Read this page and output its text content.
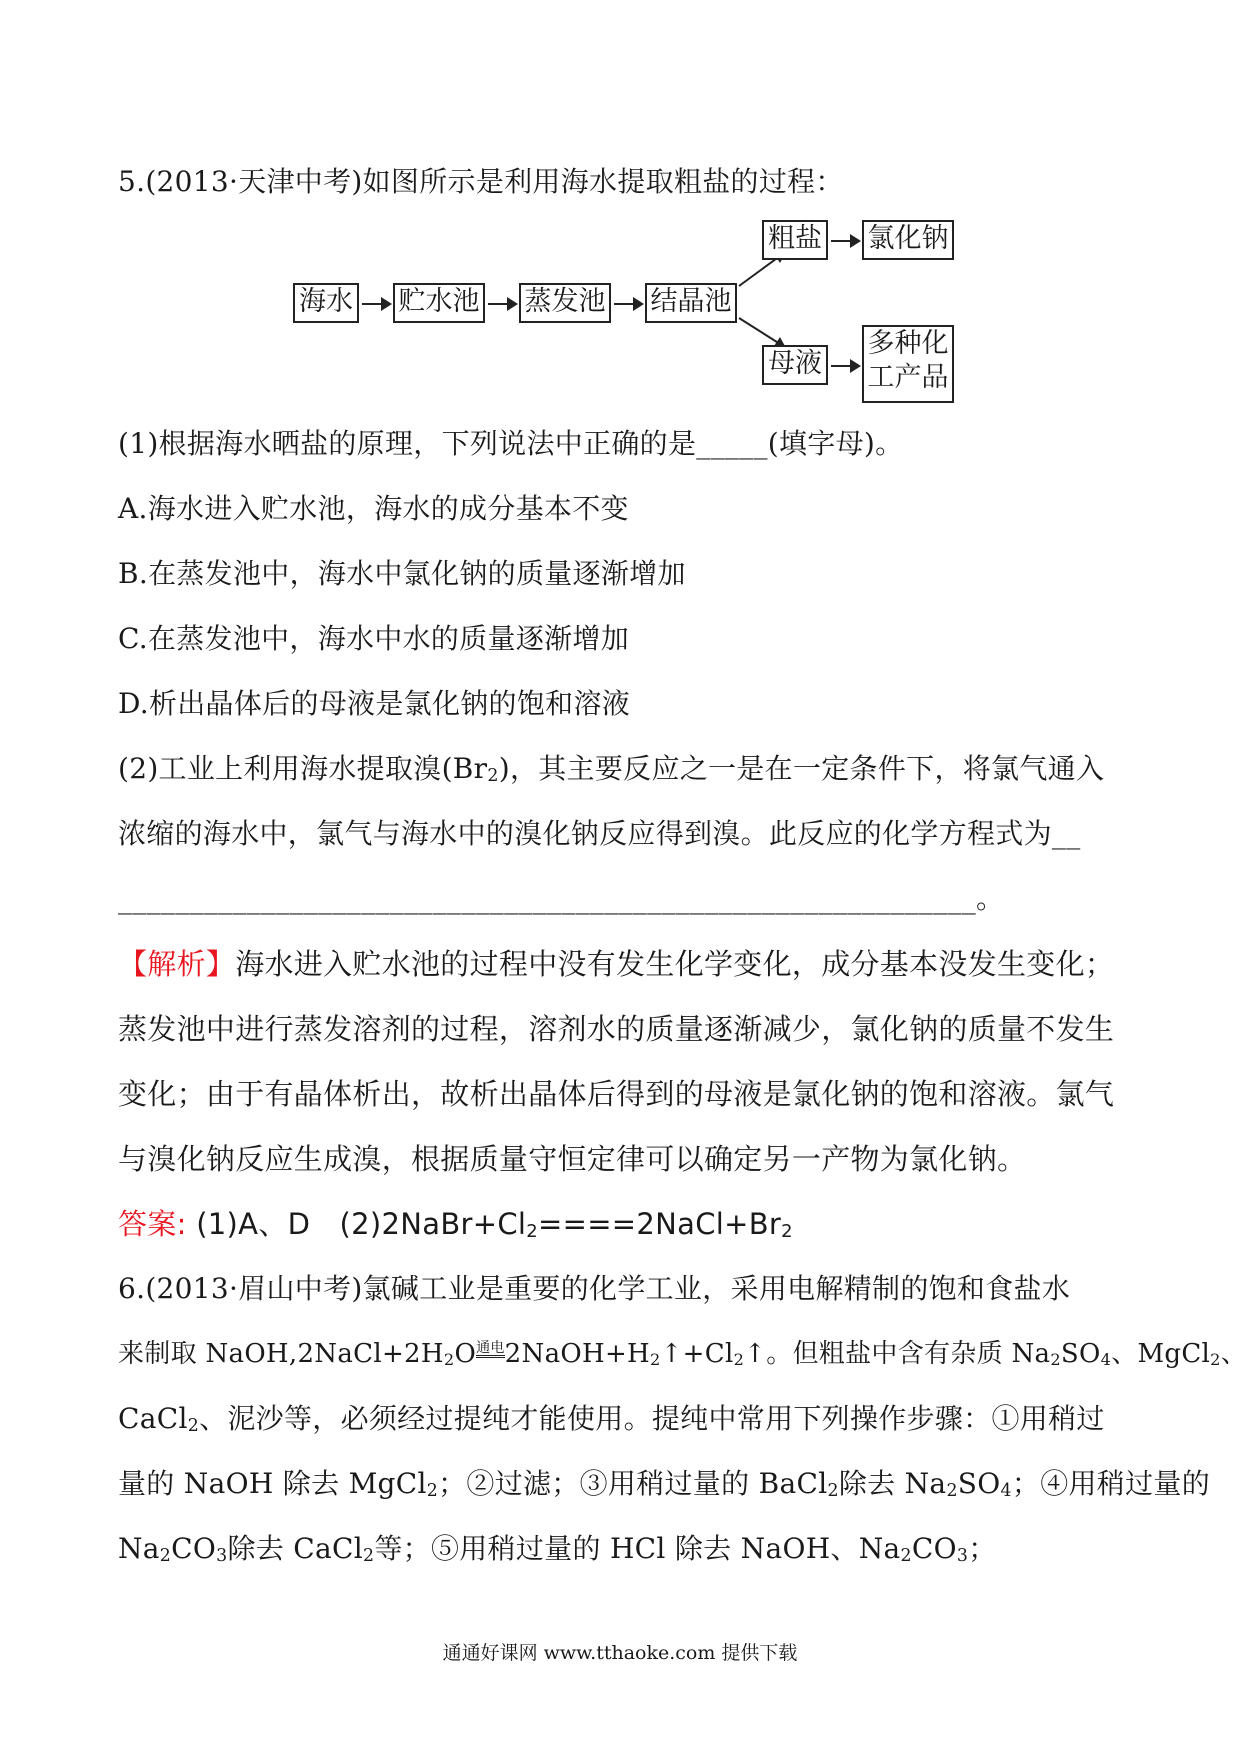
5.(2013·天津中考)如图所示是利用海水提取粗盐的过程：
海水 贮水池 蒸发池 结晶池
粗盐 氯化钠
母液
多种化
工产品
(1)根据海水晒盐的原理，下列说法中正确的是_____(填字母)。
A.海水进入贮水池，海水的成分基本不变
B.在蒸发池中，海水中氯化钠的质量逐渐增加
C.在蒸发池中，海水中水的质量逐渐增加
D.析出晶体后的母液是氯化钠的饱和溶液
(2)工业上利用海水提取溴$(Br_2)$，其主要反应之一是在一定条件下，将氯气通入
浓缩的海水中，氯气与海水中的溴化钠反应得到溴。此反应的化学方程式为__
____________________________________________________________。
【解析】海水进入贮水池的过程中没有发生化学变化，成分基本没发生变化；
蒸发池中进行蒸发溶剂的过程，溶剂水的质量逐渐减少，氯化钠的质量不发生
变化；由于有晶体析出，故析出晶体后得到的母液是氯化钠的饱和溶液。氯气
与溴化钠反应生成溴，根据质量守恒定律可以确定另一产物为氯化钠。
答案: (1)A、D　$(2)2NaBr+Cl_2====2NaCl+Br_2$
6.(2013·眉山中考)氯碱工业是重要的化学工业，采用电解精制的饱和食盐水
来制取 $NaOH,2NaCl+2H_2O$通电$2NaOH+H_2↑+Cl_2↑$。但粗盐中含有杂质 $Na_2SO_4$、MgCl$_2$、
CaCl$_2$、泥沙等，必须经过提纯才能使用。提纯中常用下列操作步骤：①用稍过
量的 NaOH 除去 MgCl$_2$；②过滤；③用稍过量的 BaCl$_2$除去 $Na_2SO_4$；④用稍过量的
$Na_2CO_3$除去 CaCl$_2$等；⑤用稍过量的 HCl 除去 NaOH、$Na_2CO_3$；
通通好课网 www.tthaoke.com 提供下载
